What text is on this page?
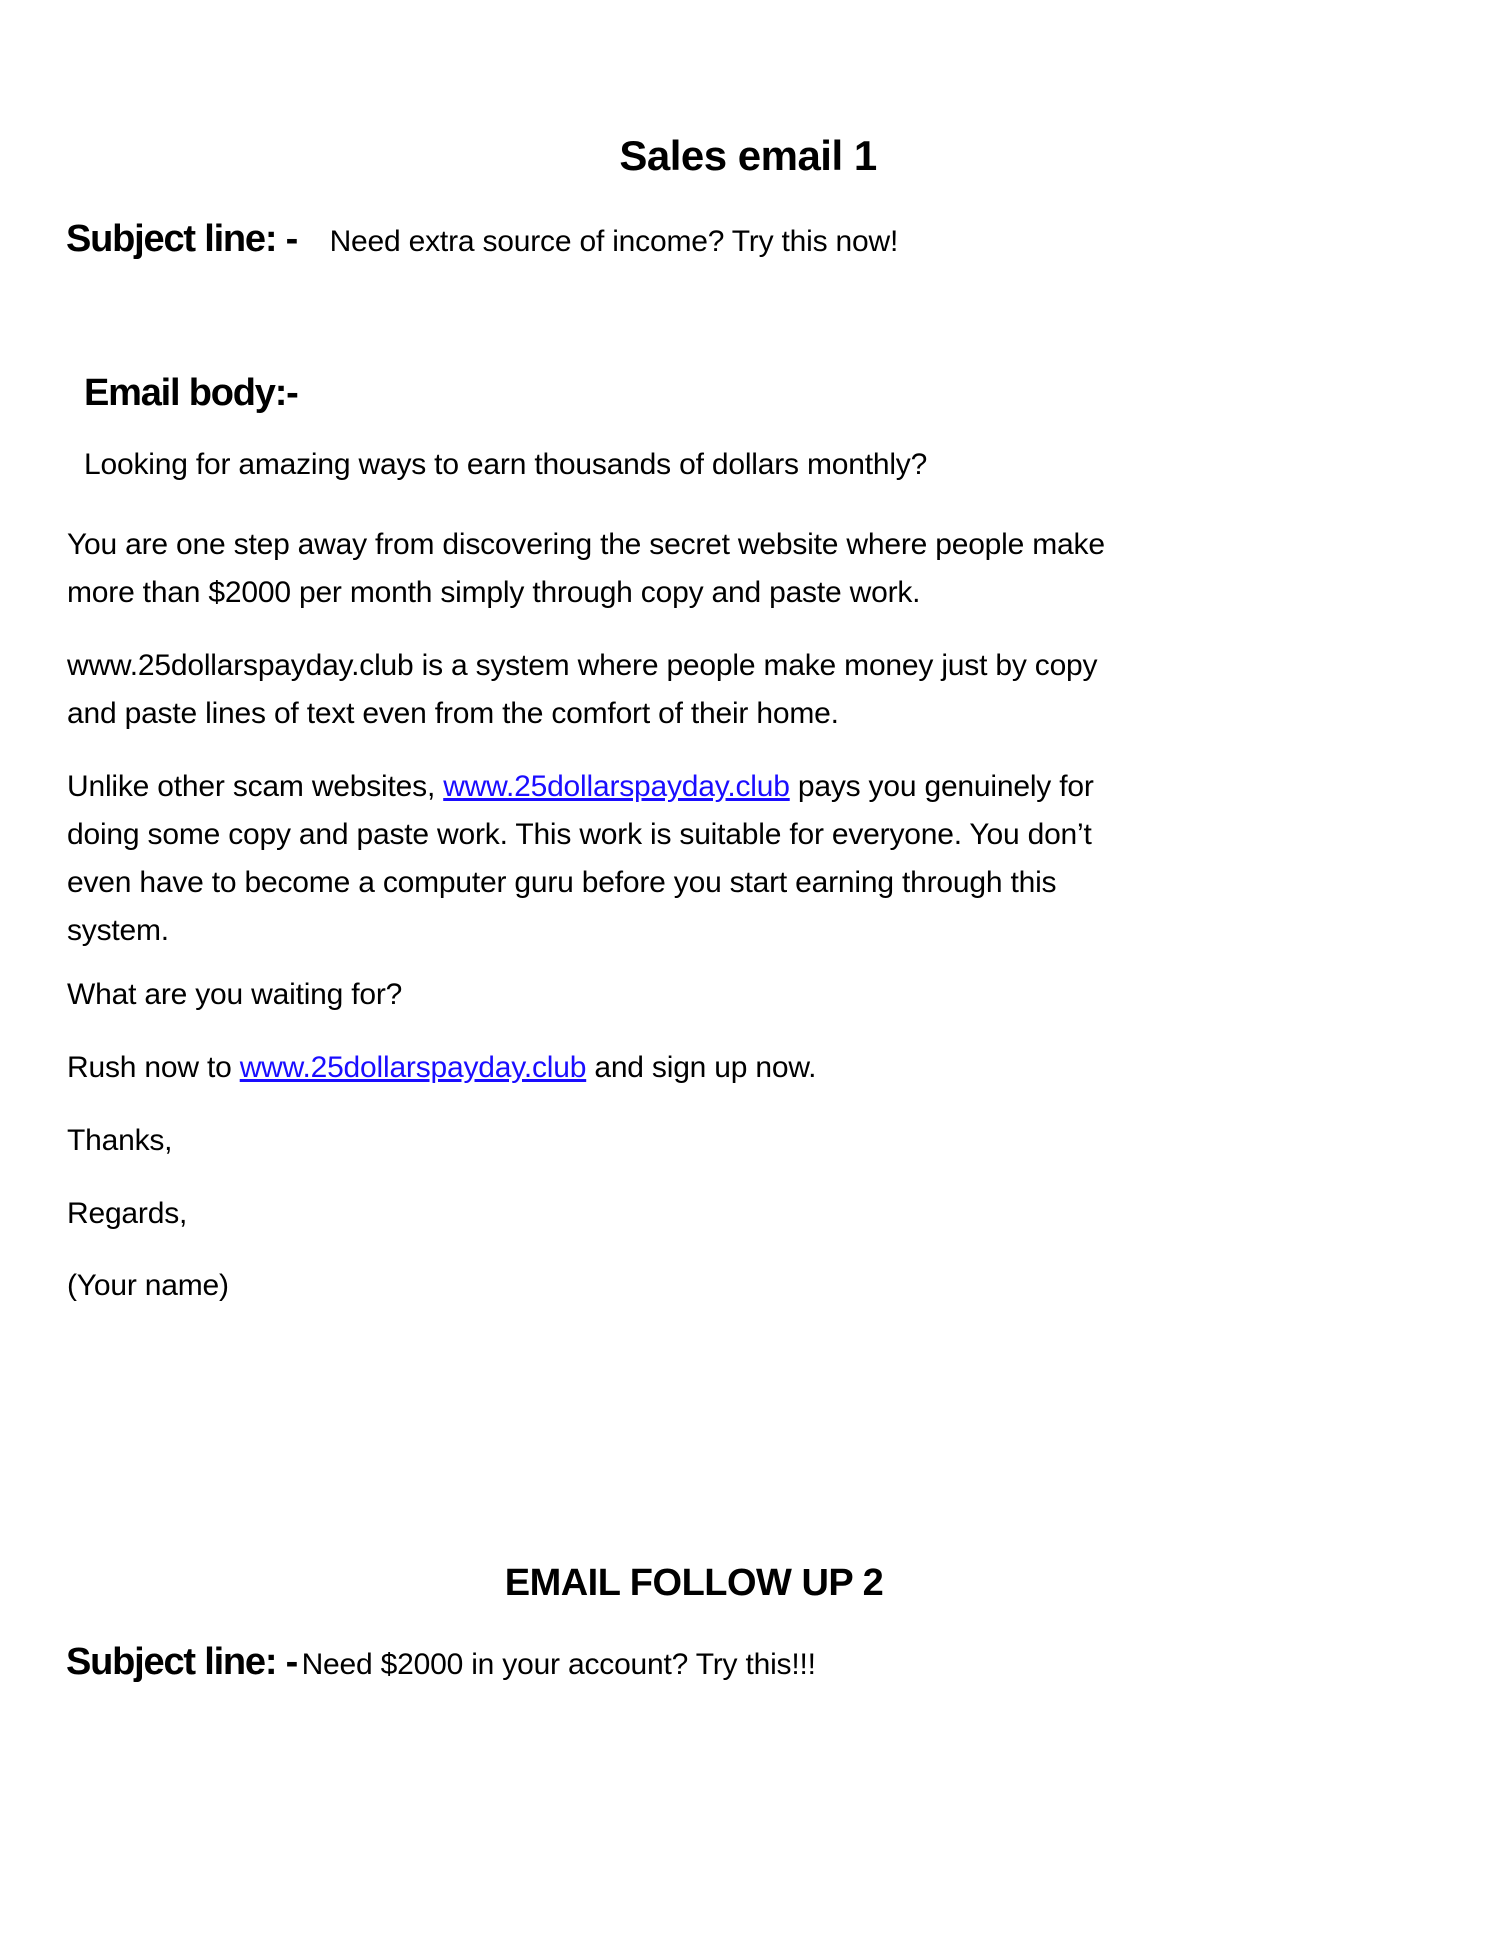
Sales email 1
Subject line: - Need extra source of income? Try this now!
Email body:-
Looking for amazing ways to earn thousands of dollars monthly?
You are one step away from discovering the secret website where people make
more than $2000 per month simply through copy and paste work.
www.25dollarspayday.club is a system where people make money just by copy
and paste lines of text even from the comfort of their home.
Unlike other scam websites, www.25dollarspayday.club pays you genuinely for
doing some copy and paste work. This work is suitable for everyone. You don’t
even have to become a computer guru before you start earning through this
system.
What are you waiting for?
Rush now to www.25dollarspayday.club and sign up now.
Thanks,
Regards,
(Your name)
EMAIL FOLLOW UP 2
Subject line: - Need $2000 in your account? Try this!!!
